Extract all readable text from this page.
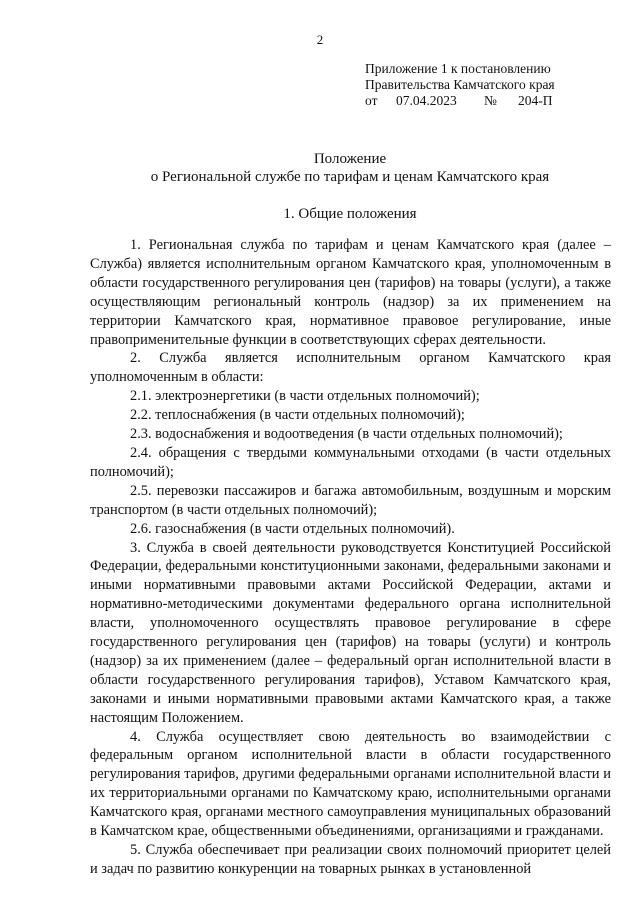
2
Приложение 1 к постановлению
Правительства Камчатского края
от 07.04.2023 № 204-П
Положение
о Региональной службе по тарифам и ценам Камчатского края
1. Общие положения

1. Региональная служба по тарифам и ценам Камчатского края (далее – Служба) является исполнительным органом Камчатского края, уполномоченным в области государственного регулирования цен (тарифов) на товары (услуги), а также осуществляющим региональный контроль (надзор) за их применением на территории Камчатского края, нормативное правовое регулирование, иные правоприменительные функции в соответствующих сферах деятельности.

2. Служба является исполнительным органом Камчатского края уполномоченным в области:

2.1. электроэнергетики (в части отдельных полномочий);

2.2. теплоснабжения (в части отдельных полномочий);

2.3. водоснабжения и водоотведения (в части отдельных полномочий);

2.4. обращения с твердыми коммунальными отходами (в части отдельных полномочий);

2.5. перевозки пассажиров и багажа автомобильным, воздушным и морским транспортом (в части отдельных полномочий);

2.6. газоснабжения (в части отдельных полномочий).

3. Служба в своей деятельности руководствуется Конституцией Российской Федерации, федеральными конституционными законами, федеральными законами и иными нормативными правовыми актами Российской Федерации, актами и нормативно-методическими документами федерального органа исполнительной власти, уполномоченного осуществлять правовое регулирование в сфере государственного регулирования цен (тарифов) на товары (услуги) и контроль (надзор) за их применением (далее – федеральный орган исполнительной власти в области государственного регулирования тарифов), Уставом Камчатского края, законами и иными нормативными правовыми актами Камчатского края, а также настоящим Положением.

4. Служба осуществляет свою деятельность во взаимодействии с федеральным органом исполнительной власти в области государственного регулирования тарифов, другими федеральными органами исполнительной власти и их территориальными органами по Камчатскому краю, исполнительными органами Камчатского края, органами местного самоуправления муниципальных образований в Камчатском крае, общественными объединениями, организациями и гражданами.

5. Служба обеспечивает при реализации своих полномочий приоритет целей и задач по развитию конкуренции на товарных рынках в установленной
